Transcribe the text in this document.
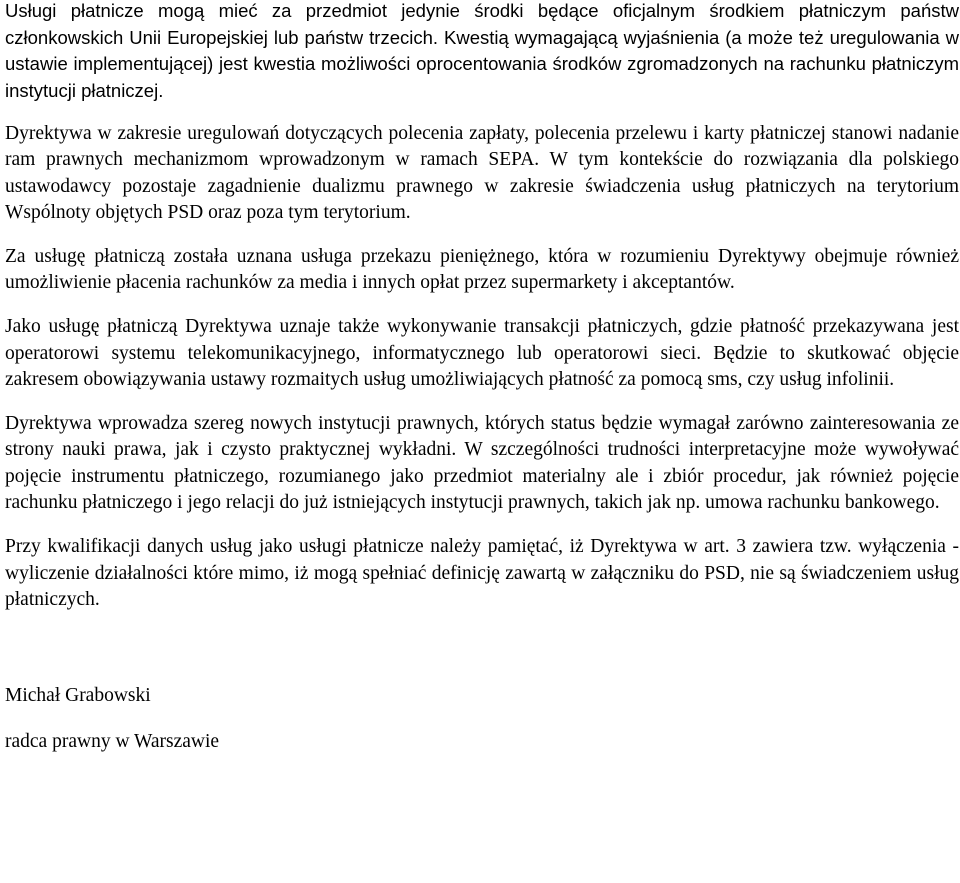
Usługi płatnicze mogą mieć za przedmiot jedynie środki będące oficjalnym środkiem płatniczym państw członkowskich Unii Europejskiej lub państw trzecich. Kwestią wymagającą wyjaśnienia (a może też uregulowania w ustawie implementującej) jest kwestia możliwości oprocentowania środków zgromadzonych na rachunku płatniczym instytucji płatniczej.

Dyrektywa w zakresie uregulowań dotyczących polecenia zapłaty, polecenia przelewu i karty płatniczej stanowi nadanie ram prawnych mechanizmom wprowadzonym w ramach SEPA. W tym kontekście do rozwiązania dla polskiego ustawodawcy pozostaje zagadnienie dualizmu prawnego w zakresie świadczenia usług płatniczych na terytorium Wspólnoty objętych PSD oraz poza tym terytorium.

Za usługę płatniczą została uznana usługa przekazu pieniężnego, która w rozumieniu Dyrektywy obejmuje również umożliwienie płacenia rachunków za media i innych opłat przez supermarkety i akceptantów.

Jako usługę płatniczą Dyrektywa uznaje także wykonywanie transakcji płatniczych, gdzie płatność przekazywana jest operatorowi systemu telekomunikacyjnego, informatycznego lub operatorowi sieci. Będzie to skutkować objęcie zakresem obowiązywania ustawy rozmaitych usług umożliwiających płatność za pomocą sms, czy usług infolinii.

Dyrektywa wprowadza szereg nowych instytucji prawnych, których status będzie wymagał zarówno zainteresowania ze strony nauki prawa, jak i czysto praktycznej wykładni. W szczególności trudności interpretacyjne może wywoływać pojęcie instrumentu płatniczego, rozumianego jako przedmiot materialny ale i zbiór procedur, jak również pojęcie rachunku płatniczego i jego relacji do już istniejących instytucji prawnych, takich jak np. umowa rachunku bankowego.

Przy kwalifikacji danych usług jako usługi płatnicze należy pamiętać, iż Dyrektywa w art. 3 zawiera tzw. wyłączenia - wyliczenie działalności które mimo, iż mogą spełniać definicję zawartą w załączniku do PSD, nie są świadczeniem usług płatniczych.

Michał Grabowski

radca prawny w Warszawie
